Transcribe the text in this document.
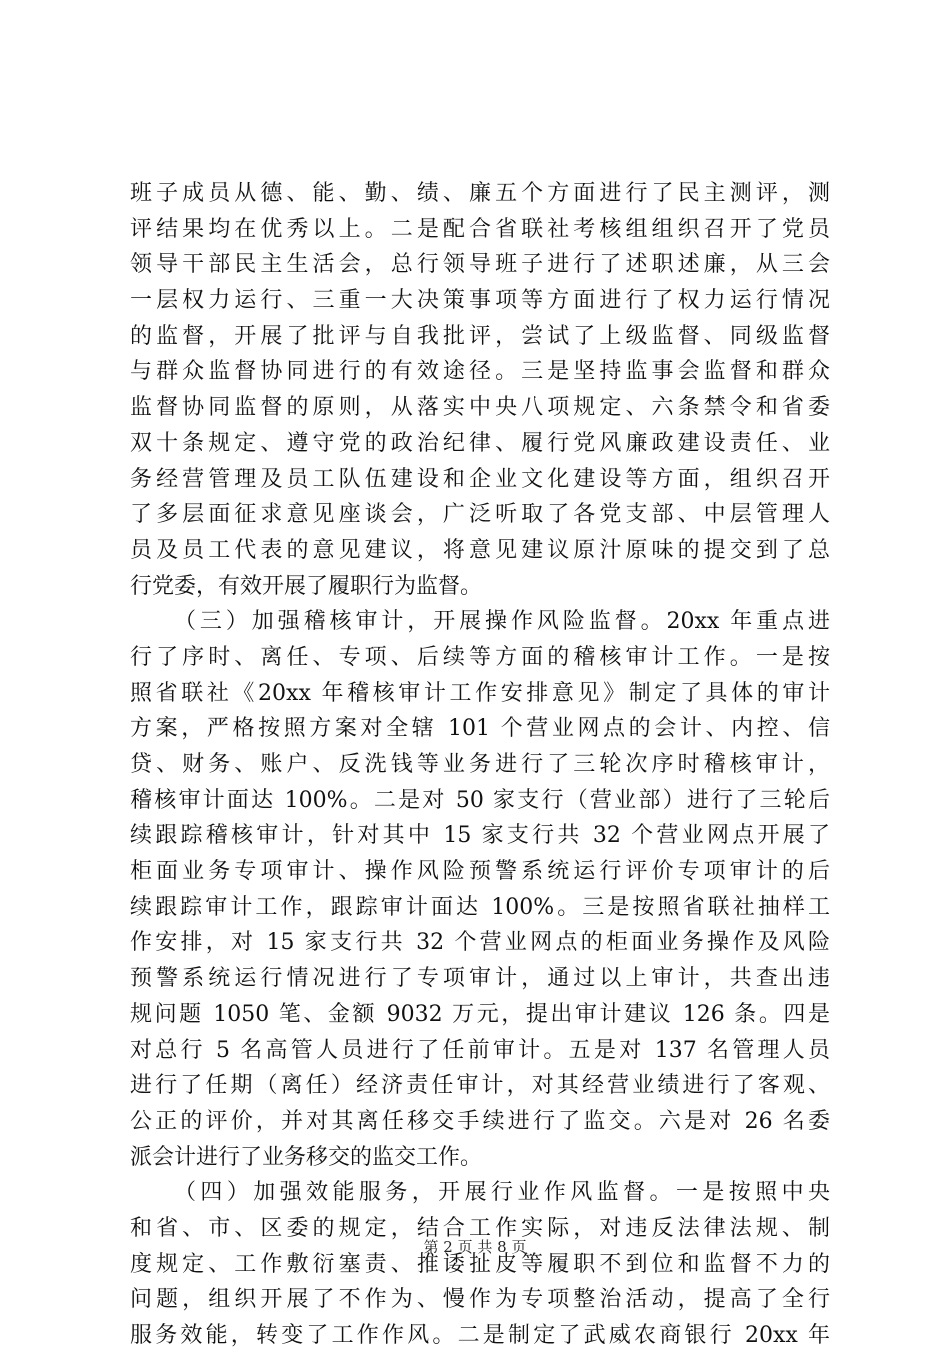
班子成员从德、能、勤、绩、廉五个方面进行了民主测评，测
评结果均在优秀以上。二是配合省联社考核组组织召开了党员
领导干部民主生活会，总行领导班子进行了述职述廉，从三会
一层权力运行、三重一大决策事项等方面进行了权力运行情况
的监督，开展了批评与自我批评，尝试了上级监督、同级监督
与群众监督协同进行的有效途径。三是坚持监事会监督和群众
监督协同监督的原则，从落实中央八项规定、六条禁令和省委
双十条规定、遵守党的政治纪律、履行党风廉政建设责任、业
务经营管理及员工队伍建设和企业文化建设等方面，组织召开
了多层面征求意见座谈会，广泛听取了各党支部、中层管理人
员及员工代表的意见建议，将意见建议原汁原味的提交到了总
行党委，有效开展了履职行为监督。
（三）加强稽核审计，开展操作风险监督。20xx 年重点进
行了序时、离任、专项、后续等方面的稽核审计工作。一是按
照省联社《20xx 年稽核审计工作安排意见》制定了具体的审计
方案，严格按照方案对全辖 101 个营业网点的会计、内控、信
贷、财务、账户、反洗钱等业务进行了三轮次序时稽核审计，
稽核审计面达 100%。二是对 50 家支行（营业部）进行了三轮后
续跟踪稽核审计，针对其中 15 家支行共 32 个营业网点开展了
柜面业务专项审计、操作风险预警系统运行评价专项审计的后
续跟踪审计工作，跟踪审计面达 100%。三是按照省联社抽样工
作安排，对 15 家支行共 32 个营业网点的柜面业务操作及风险
预警系统运行情况进行了专项审计，通过以上审计，共查出违
规问题 1050 笔、金额 9032 万元，提出审计建议 126 条。四是
对总行 5 名高管人员进行了任前审计。五是对 137 名管理人员
进行了任期（离任）经济责任审计，对其经营业绩进行了客观、
公正的评价，并对其离任移交手续进行了监交。六是对 26 名委
派会计进行了业务移交的监交工作。
（四）加强效能服务，开展行业作风监督。一是按照中央
和省、市、区委的规定，结合工作实际，对违反法律法规、制
度规定、工作敷衍塞责、推诿扯皮等履职不到位和监督不力的
问题，组织开展了不作为、慢作为专项整治活动，提高了全行
服务效能，转变了工作作风。二是制定了武威农商银行 20xx 年
第 2 页 共 8 页
